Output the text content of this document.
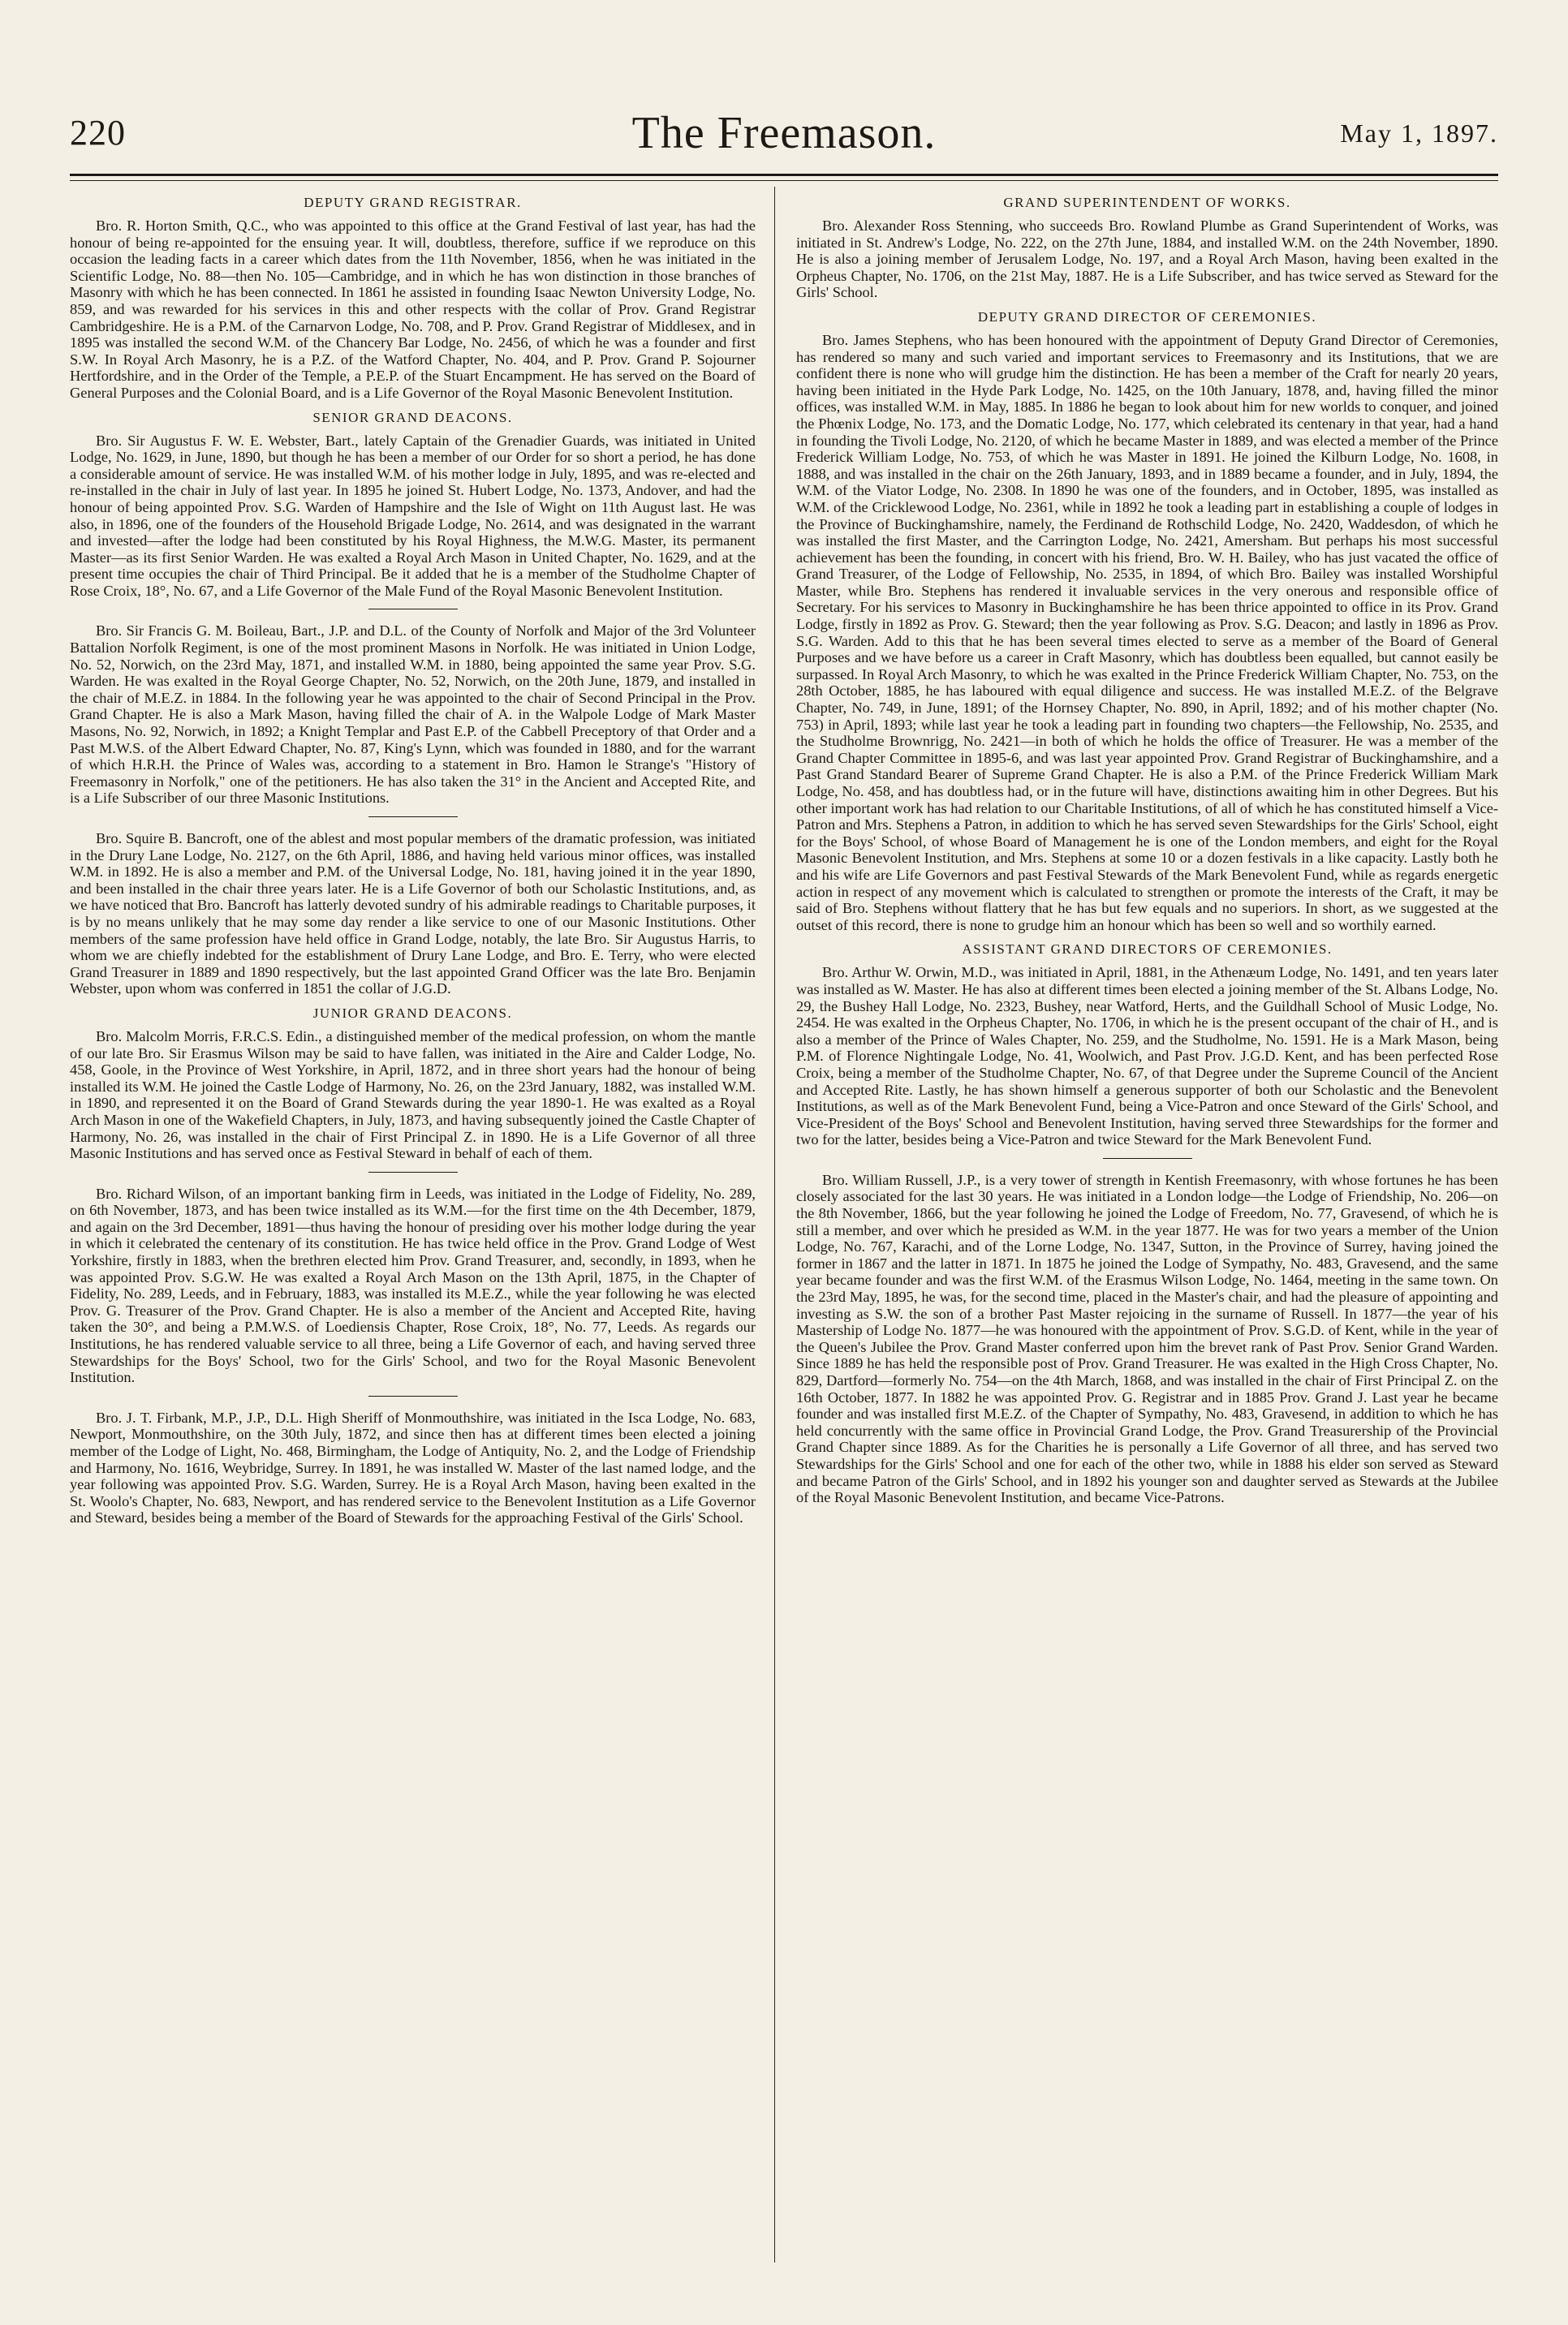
220	The Freemason.	May 1, 1897.
DEPUTY GRAND REGISTRAR.

Bro. R. Horton Smith, Q.C., who was appointed to this office at the Grand Festival of last year, has had the honour of being re-appointed for the ensuing year. It will, doubtless, therefore, suffice if we reproduce on this occasion the leading facts in a career which dates from the 11th November, 1856, when he was initiated in the Scientific Lodge, No. 88—then No. 105—Cambridge, and in which he has won distinction in those branches of Masonry with which he has been connected. In 1861 he assisted in founding Isaac Newton University Lodge, No. 859, and was rewarded for his services in this and other respects with the collar of Prov. Grand Registrar Cambridgeshire. He is a P.M. of the Carnarvon Lodge, No. 708, and P. Prov. Grand Registrar of Middlesex, and in 1895 was installed the second W.M. of the Chancery Bar Lodge, No. 2456, of which he was a founder and first S.W. In Royal Arch Masonry, he is a P.Z. of the Watford Chapter, No. 404, and P. Prov. Grand P. Sojourner Hertfordshire, and in the Order of the Temple, a P.E.P. of the Stuart Encampment. He has served on the Board of General Purposes and the Colonial Board, and is a Life Governor of the Royal Masonic Benevolent Institution.

SENIOR GRAND DEACONS.

Bro. Sir Augustus F. W. E. Webster, Bart., lately Captain of the Grenadier Guards, was initiated in United Lodge, No. 1629, in June, 1890, but though he has been a member of our Order for so short a period, he has done a considerable amount of service. He was installed W.M. of his mother lodge in July, 1895, and was re-elected and re-installed in the chair in July of last year. In 1895 he joined St. Hubert Lodge, No. 1373, Andover, and had the honour of being appointed Prov. S.G. Warden of Hampshire and the Isle of Wight on 11th August last. He was also, in 1896, one of the founders of the Household Brigade Lodge, No. 2614, and was designated in the warrant and invested—after the lodge had been constituted by his Royal Highness, the M.W.G. Master, its permanent Master—as its first Senior Warden. He was exalted a Royal Arch Mason in United Chapter, No. 1629, and at the present time occupies the chair of Third Principal. Be it added that he is a member of the Studholme Chapter of Rose Croix, 18°, No. 67, and a Life Governor of the Male Fund of the Royal Masonic Benevolent Institution.

Bro. Sir Francis G. M. Boileau, Bart., J.P. and D.L. of the County of Norfolk and Major of the 3rd Volunteer Battalion Norfolk Regiment, is one of the most prominent Masons in Norfolk. He was initiated in Union Lodge, No. 52, Norwich, on the 23rd May, 1871, and installed W.M. in 1880, being appointed the same year Prov. S.G. Warden. He was exalted in the Royal George Chapter, No. 52, Norwich, on the 20th June, 1879, and installed in the chair of M.E.Z. in 1884. In the following year he was appointed to the chair of Second Principal in the Prov. Grand Chapter. He is also a Mark Mason, having filled the chair of A. in the Walpole Lodge of Mark Master Masons, No. 92, Norwich, in 1892; a Knight Templar and Past E.P. of the Cabbell Preceptory of that Order and a Past M.W.S. of the Albert Edward Chapter, No. 87, King's Lynn, which was founded in 1880, and for the warrant of which H.R.H. the Prince of Wales was, according to a statement in Bro. Hamon le Strange's "History of Freemasonry in Norfolk," one of the petitioners. He has also taken the 31° in the Ancient and Accepted Rite, and is a Life Subscriber of our three Masonic Institutions.

Bro. Squire B. Bancroft, one of the ablest and most popular members of the dramatic profession, was initiated in the Drury Lane Lodge, No. 2127, on the 6th April, 1886, and having held various minor offices, was installed W.M. in 1892. He is also a member and P.M. of the Universal Lodge, No. 181, having joined it in the year 1890, and been installed in the chair three years later. He is a Life Governor of both our Scholastic Institutions, and, as we have noticed that Bro. Bancroft has latterly devoted sundry of his admirable readings to Charitable purposes, it is by no means unlikely that he may some day render a like service to one of our Masonic Institutions. Other members of the same profession have held office in Grand Lodge, notably, the late Bro. Sir Augustus Harris, to whom we are chiefly indebted for the establishment of Drury Lane Lodge, and Bro. E. Terry, who were elected Grand Treasurer in 1889 and 1890 respectively, but the last appointed Grand Officer was the late Bro. Benjamin Webster, upon whom was conferred in 1851 the collar of J.G.D.

JUNIOR GRAND DEACONS.

Bro. Malcolm Morris, F.R.C.S. Edin., a distinguished member of the medical profession, on whom the mantle of our late Bro. Sir Erasmus Wilson may be said to have fallen, was initiated in the Aire and Calder Lodge, No. 458, Goole, in the Province of West Yorkshire, in April, 1872, and in three short years had the honour of being installed its W.M. He joined the Castle Lodge of Harmony, No. 26, on the 23rd January, 1882, was installed W.M. in 1890, and represented it on the Board of Grand Stewards during the year 1890-1. He was exalted as a Royal Arch Mason in one of the Wakefield Chapters, in July, 1873, and having subsequently joined the Castle Chapter of Harmony, No. 26, was installed in the chair of First Principal Z. in 1890. He is a Life Governor of all three Masonic Institutions and has served once as Festival Steward in behalf of each of them.

Bro. Richard Wilson, of an important banking firm in Leeds, was initiated in the Lodge of Fidelity, No. 289, on 6th November, 1873, and has been twice installed as its W.M.—for the first time on the 4th December, 1879, and again on the 3rd December, 1891—thus having the honour of presiding over his mother lodge during the year in which it celebrated the centenary of its constitution. He has twice held office in the Prov. Grand Lodge of West Yorkshire, firstly in 1883, when the brethren elected him Prov. Grand Treasurer, and, secondly, in 1893, when he was appointed Prov. S.G.W. He was exalted a Royal Arch Mason on the 13th April, 1875, in the Chapter of Fidelity, No. 289, Leeds, and in February, 1883, was installed its M.E.Z., while the year following he was elected Prov. G. Treasurer of the Prov. Grand Chapter. He is also a member of the Ancient and Accepted Rite, having taken the 30°, and being a P.M.W.S. of Loediensis Chapter, Rose Croix, 18°, No. 77, Leeds. As regards our Institutions, he has rendered valuable service to all three, being a Life Governor of each, and having served three Stewardships for the Boys' School, two for the Girls' School, and two for the Royal Masonic Benevolent Institution.

Bro. J. T. Firbank, M.P., J.P., D.L. High Sheriff of Monmouthshire, was initiated in the Isca Lodge, No. 683, Newport, Monmouthshire, on the 30th July, 1872, and since then has at different times been elected a joining member of the Lodge of Light, No. 468, Birmingham, the Lodge of Antiquity, No. 2, and the Lodge of Friendship and Harmony, No. 1616, Weybridge, Surrey. In 1891, he was installed W. Master of the last named lodge, and the year following was appointed Prov. S.G. Warden, Surrey. He is a Royal Arch Mason, having been exalted in the St. Woolo's Chapter, No. 683, Newport, and has rendered service to the Benevolent Institution as a Life Governor and Steward, besides being a member of the Board of Stewards for the approaching Festival of the Girls' School.

GRAND SUPERINTENDENT OF WORKS.

Bro. Alexander Ross Stenning, who succeeds Bro. Rowland Plumbe as Grand Superintendent of Works, was initiated in St. Andrew's Lodge, No. 222, on the 27th June, 1884, and installed W.M. on the 24th November, 1890. He is also a joining member of Jerusalem Lodge, No. 197, and a Royal Arch Mason, having been exalted in the Orpheus Chapter, No. 1706, on the 21st May, 1887. He is a Life Subscriber, and has twice served as Steward for the Girls' School.

DEPUTY GRAND DIRECTOR OF CEREMONIES.

Bro. James Stephens, who has been honoured with the appointment of Deputy Grand Director of Ceremonies, has rendered so many and such varied and important services to Freemasonry and its Institutions, that we are confident there is none who will grudge him the distinction. He has been a member of the Craft for nearly 20 years, having been initiated in the Hyde Park Lodge, No. 1425, on the 10th January, 1878, and, having filled the minor offices, was installed W.M. in May, 1885. In 1886 he began to look about him for new worlds to conquer, and joined the Phœnix Lodge, No. 173, and the Domatic Lodge, No. 177, which celebrated its centenary in that year, had a hand in founding the Tivoli Lodge, No. 2120, of which he became Master in 1889, and was elected a member of the Prince Frederick William Lodge, No. 753, of which he was Master in 1891. He joined the Kilburn Lodge, No. 1608, in 1888, and was installed in the chair on the 26th January, 1893, and in 1889 became a founder, and in July, 1894, the W.M. of the Viator Lodge, No. 2308. In 1890 he was one of the founders, and in October, 1895, was installed as W.M. of the Cricklewood Lodge, No. 2361, while in 1892 he took a leading part in establishing a couple of lodges in the Province of Buckinghamshire, namely, the Ferdinand de Rothschild Lodge, No. 2420, Waddesdon, of which he was installed the first Master, and the Carrington Lodge, No. 2421, Amersham. But perhaps his most successful achievement has been the founding, in concert with his friend, Bro. W. H. Bailey, who has just vacated the office of Grand Treasurer, of the Lodge of Fellowship, No. 2535, in 1894, of which Bro. Bailey was installed Worshipful Master, while Bro. Stephens has rendered it invaluable services in the very onerous and responsible office of Secretary. For his services to Masonry in Buckinghamshire he has been thrice appointed to office in its Prov. Grand Lodge, firstly in 1892 as Prov. G. Steward; then the year following as Prov. S.G. Deacon; and lastly in 1896 as Prov. S.G. Warden. Add to this that he has been several times elected to serve as a member of the Board of General Purposes and we have before us a career in Craft Masonry, which has doubtless been equalled, but cannot easily be surpassed. In Royal Arch Masonry, to which he was exalted in the Prince Frederick William Chapter, No. 753, on the 28th October, 1885, he has laboured with equal diligence and success. He was installed M.E.Z. of the Belgrave Chapter, No. 749, in June, 1891; of the Hornsey Chapter, No. 890, in April, 1892; and of his mother chapter (No. 753) in April, 1893; while last year he took a leading part in founding two chapters—the Fellowship, No. 2535, and the Studholme Brownrigg, No. 2421—in both of which he holds the office of Treasurer. He was a member of the Grand Chapter Committee in 1895-6, and was last year appointed Prov. Grand Registrar of Buckinghamshire, and a Past Grand Standard Bearer of Supreme Grand Chapter. He is also a P.M. of the Prince Frederick William Mark Lodge, No. 458, and has doubtless had, or in the future will have, distinctions awaiting him in other Degrees. But his other important work has had relation to our Charitable Institutions, of all of which he has constituted himself a Vice-Patron and Mrs. Stephens a Patron, in addition to which he has served seven Stewardships for the Girls' School, eight for the Boys' School, of whose Board of Management he is one of the London members, and eight for the Royal Masonic Benevolent Institution, and Mrs. Stephens at some 10 or a dozen festivals in a like capacity. Lastly both he and his wife are Life Governors and past Festival Stewards of the Mark Benevolent Fund, while as regards energetic action in respect of any movement which is calculated to strengthen or promote the interests of the Craft, it may be said of Bro. Stephens without flattery that he has but few equals and no superiors. In short, as we suggested at the outset of this record, there is none to grudge him an honour which has been so well and so worthily earned.

ASSISTANT GRAND DIRECTORS OF CEREMONIES.

Bro. Arthur W. Orwin, M.D., was initiated in April, 1881, in the Athenæum Lodge, No. 1491, and ten years later was installed as W. Master. He has also at different times been elected a joining member of the St. Albans Lodge, No. 29, the Bushey Hall Lodge, No. 2323, Bushey, near Watford, Herts, and the Guildhall School of Music Lodge, No. 2454. He was exalted in the Orpheus Chapter, No. 1706, in which he is the present occupant of the chair of H., and is also a member of the Prince of Wales Chapter, No. 259, and the Studholme, No. 1591. He is a Mark Mason, being P.M. of Florence Nightingale Lodge, No. 41, Woolwich, and Past Prov. J.G.D. Kent, and has been perfected Rose Croix, being a member of the Studholme Chapter, No. 67, of that Degree under the Supreme Council of the Ancient and Accepted Rite. Lastly, he has shown himself a generous supporter of both our Scholastic and the Benevolent Institutions, as well as of the Mark Benevolent Fund, being a Vice-Patron and once Steward of the Girls' School, and Vice-President of the Boys' School and Benevolent Institution, having served three Stewardships for the former and two for the latter, besides being a Vice-Patron and twice Steward for the Mark Benevolent Fund.

Bro. William Russell, J.P., is a very tower of strength in Kentish Freemasonry, with whose fortunes he has been closely associated for the last 30 years. He was initiated in a London lodge—the Lodge of Friendship, No. 206—on the 8th November, 1866, but the year following he joined the Lodge of Freedom, No. 77, Gravesend, of which he is still a member, and over which he presided as W.M. in the year 1877. He was for two years a member of the Union Lodge, No. 767, Karachi, and of the Lorne Lodge, No. 1347, Sutton, in the Province of Surrey, having joined the former in 1867 and the latter in 1871. In 1875 he joined the Lodge of Sympathy, No. 483, Gravesend, and the same year became founder and was the first W.M. of the Erasmus Wilson Lodge, No. 1464, meeting in the same town. On the 23rd May, 1895, he was, for the second time, placed in the Master's chair, and had the pleasure of appointing and investing as S.W. the son of a brother Past Master rejoicing in the surname of Russell. In 1877—the year of his Mastership of Lodge No. 1877—he was honoured with the appointment of Prov. S.G.D. of Kent, while in the year of the Queen's Jubilee the Prov. Grand Master conferred upon him the brevet rank of Past Prov. Senior Grand Warden. Since 1889 he has held the responsible post of Prov. Grand Treasurer. He was exalted in the High Cross Chapter, No. 829, Dartford—formerly No. 754—on the 4th March, 1868, and was installed in the chair of First Principal Z. on the 16th October, 1877. In 1882 he was appointed Prov. G. Registrar and in 1885 Prov. Grand J. Last year he became founder and was installed first M.E.Z. of the Chapter of Sympathy, No. 483, Gravesend, in addition to which he has held concurrently with the same office in Provincial Grand Lodge, the Prov. Grand Treasurership of the Provincial Grand Chapter since 1889. As for the Charities he is personally a Life Governor of all three, and has served two Stewardships for the Girls' School and one for each of the other two, while in 1888 his elder son served as Steward and became Patron of the Girls' School, and in 1892 his younger son and daughter served as Stewards at the Jubilee of the Royal Masonic Benevolent Institution, and became Vice-Patrons.
